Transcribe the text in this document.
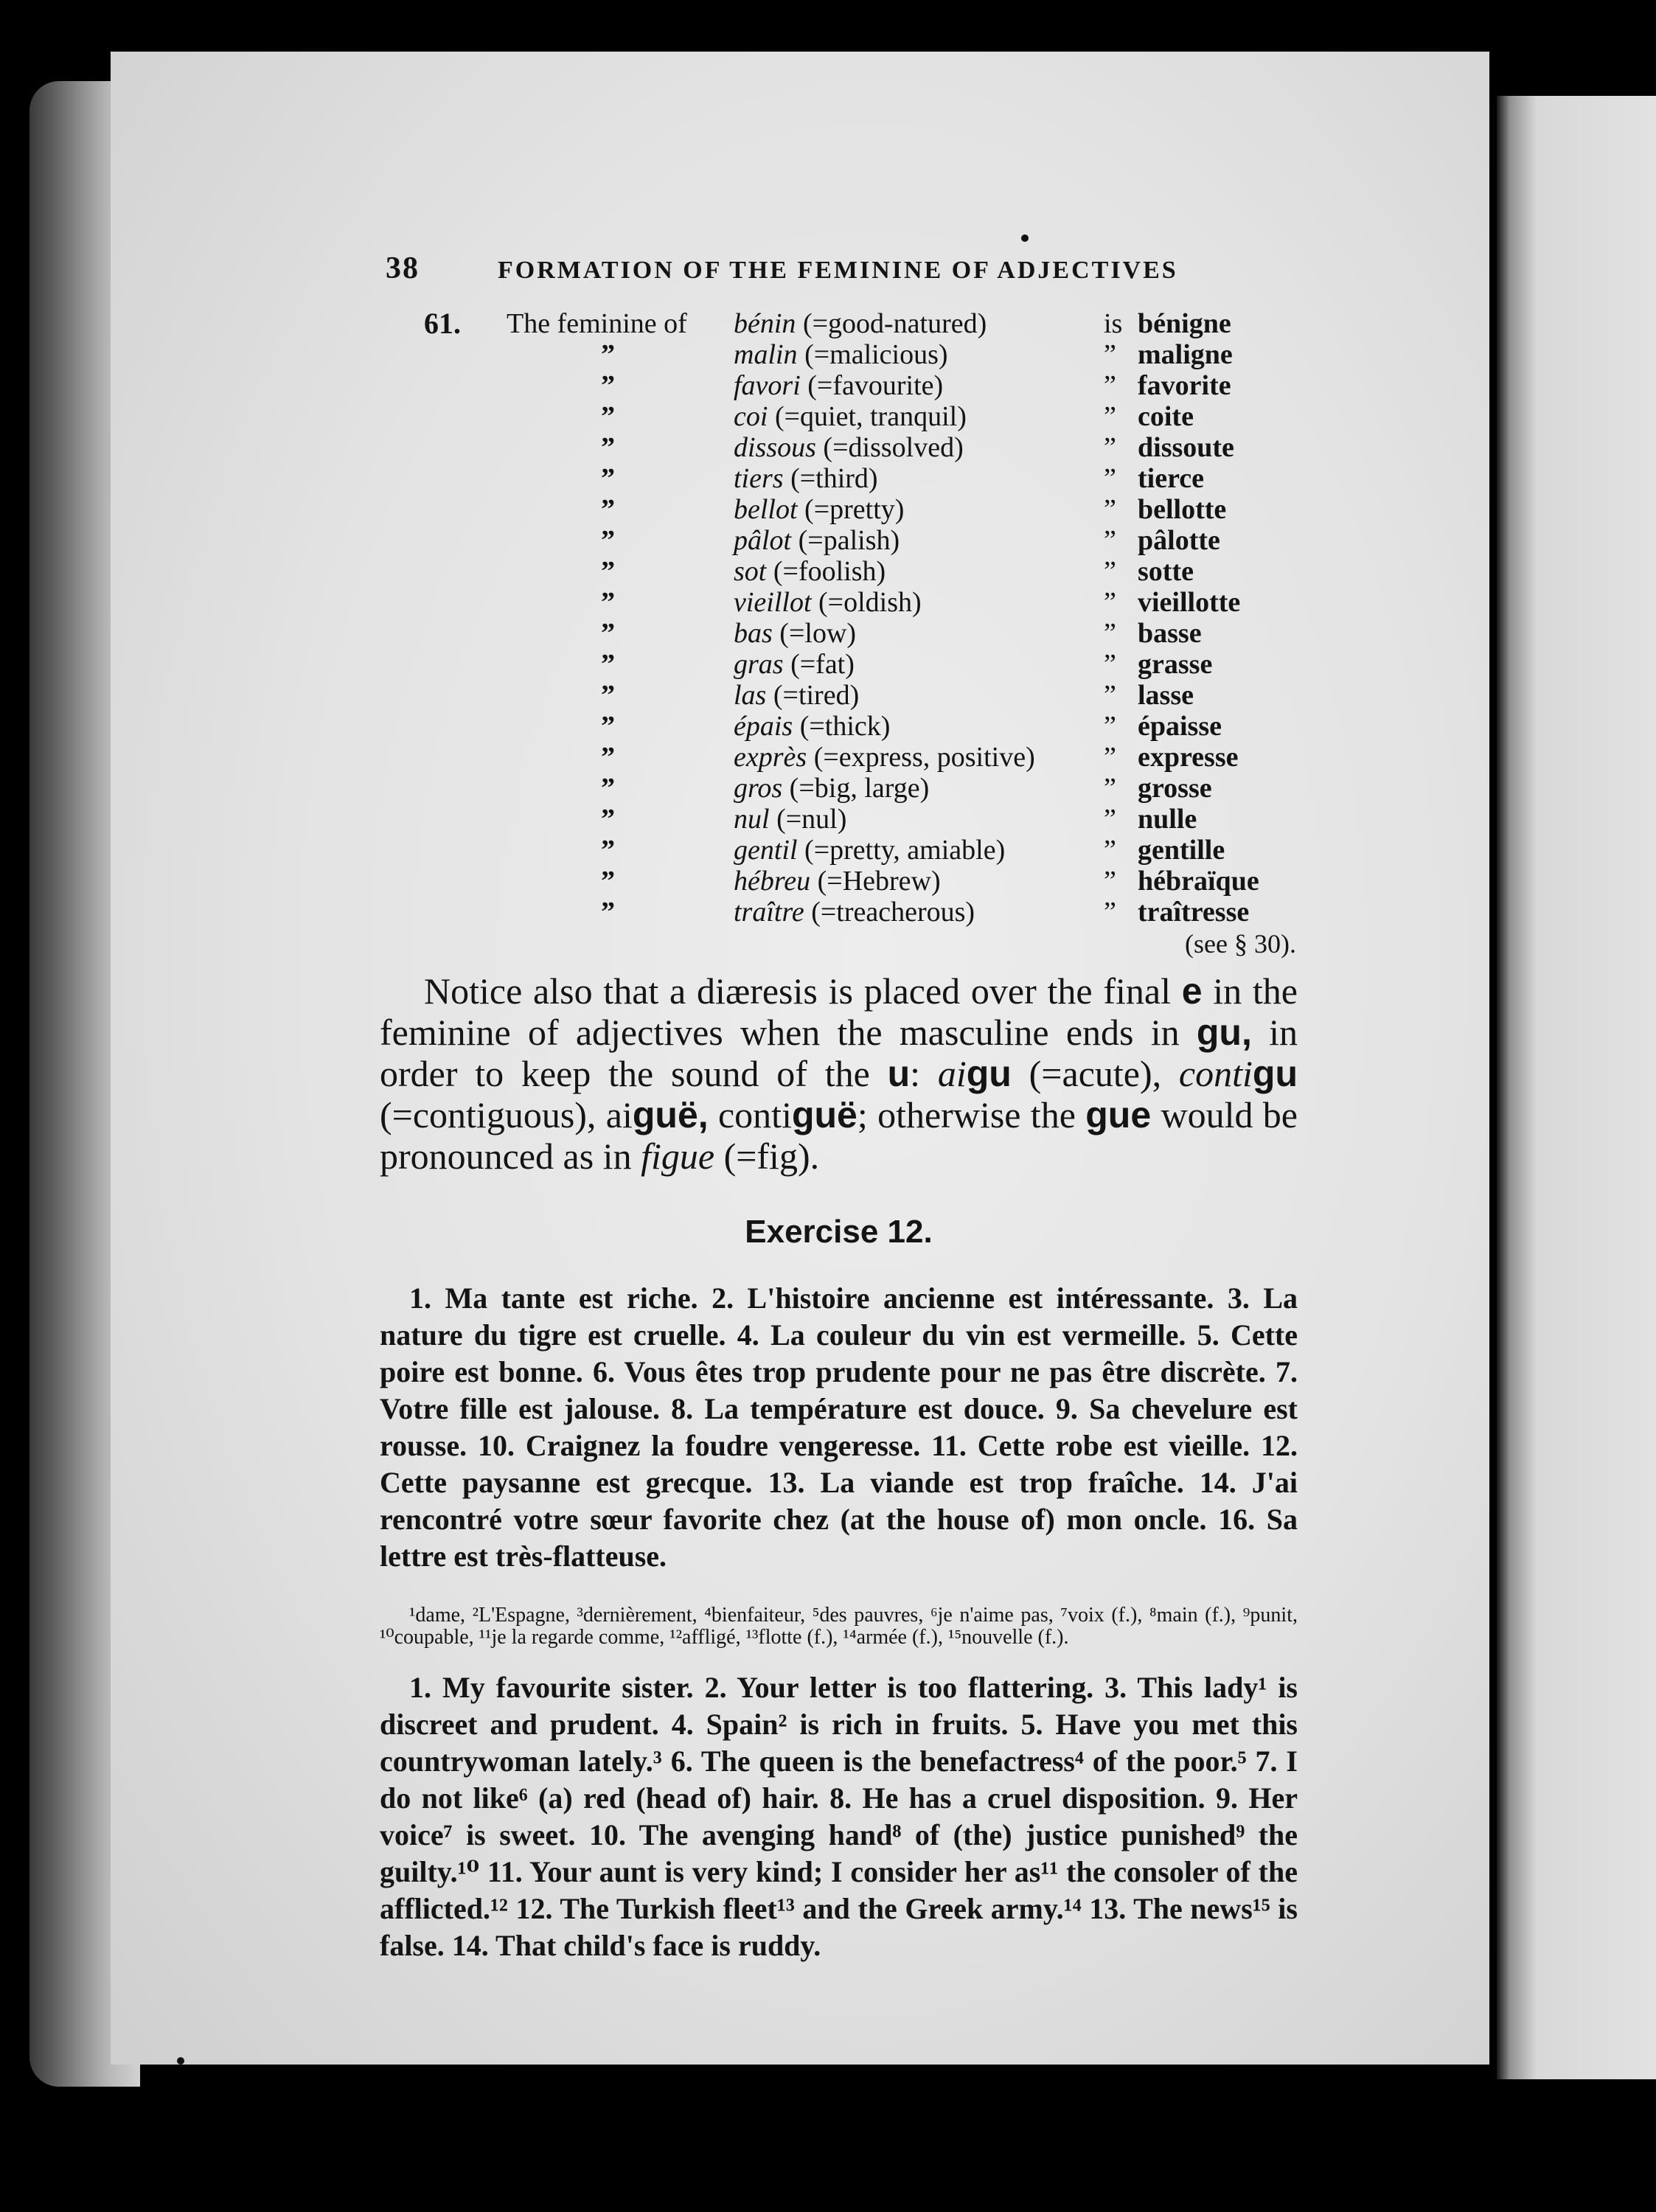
38	FORMATION OF THE FEMININE OF ADJECTIVES
61. The feminine of bénin (=good-natured)	is bénigne
”	malin (=malicious)	” maligne
”	favori (=favourite)	” favorite
”	coi (=quiet, tranquil)	” coite
”	dissous (=dissolved)	” dissoute
”	tiers (=third)	” tierce
”	bellot (=pretty)	” bellotte
”	pâlot (=palish)	” pâlotte
”	sot (=foolish)	” sotte
”	vieillot (=oldish)	” vieillotte
”	bas (=low)	” basse
”	gras (=fat)	” grasse
”	las (=tired)	” lasse
”	épais (=thick)	” épaisse
”	exprès (=express, positive) ” expresse
”	gros (=big, large)	” grosse
”	nul (=nul)	” nulle
”	gentil (=pretty, amiable)	” gentille
”	hébreu (=Hebrew)	” hébraïque
”	traître (=treacherous)	” traîtresse
(see § 30).

Notice also that a diæresis is placed over the final e in the feminine of adjectives when the masculine ends in gu, in order to keep the sound of the u: aigu (=acute), contigu (=contiguous), aiguë, contiguë; otherwise the gue would be pronounced as in figue (=fig).

Exercise 12.

1. Ma tante est riche. 2. L'histoire ancienne est intéressante. 3. La nature du tigre est cruelle. 4. La couleur du vin est vermeille. 5. Cette poire est bonne. 6. Vous êtes trop prudente pour ne pas être discrète. 7. Votre fille est jalouse. 8. La température est douce. 9. Sa chevelure est rousse. 10. Craignez la foudre vengeresse. 11. Cette robe est vieille. 12. Cette paysanne est grecque. 13. La viande est trop fraîche. 14. J'ai rencontré votre sœur favorite chez (at the house of) mon oncle. 16. Sa lettre est très-flatteuse.

¹dame, ²L'Espagne, ³dernièrement, ⁴bienfaiteur, ⁵des pauvres, ⁶je n'aime pas, ⁷voix (f.), ⁸main (f.), ⁹punit, ¹⁰coupable, ¹¹je la regarde comme, ¹²affligé, ¹³flotte (f.), ¹⁴armée (f.), ¹⁵nouvelle (f.).

1. My favourite sister. 2. Your letter is too flattering. 3. This lady¹ is discreet and prudent. 4. Spain² is rich in fruits. 5. Have you met this countrywoman lately.³ 6. The queen is the benefactress⁴ of the poor.⁵ 7. I do not like⁶ (a) red (head of) hair. 8. He has a cruel disposition. 9. Her voice⁷ is sweet. 10. The avenging hand⁸ of (the) justice punished⁹ the guilty.¹⁰ 11. Your aunt is very kind; I consider her as¹¹ the consoler of the afflicted.¹² 12. The Turkish fleet¹³ and the Greek army.¹⁴ 13. The news¹⁵ is false. 14. That child's face is ruddy.
